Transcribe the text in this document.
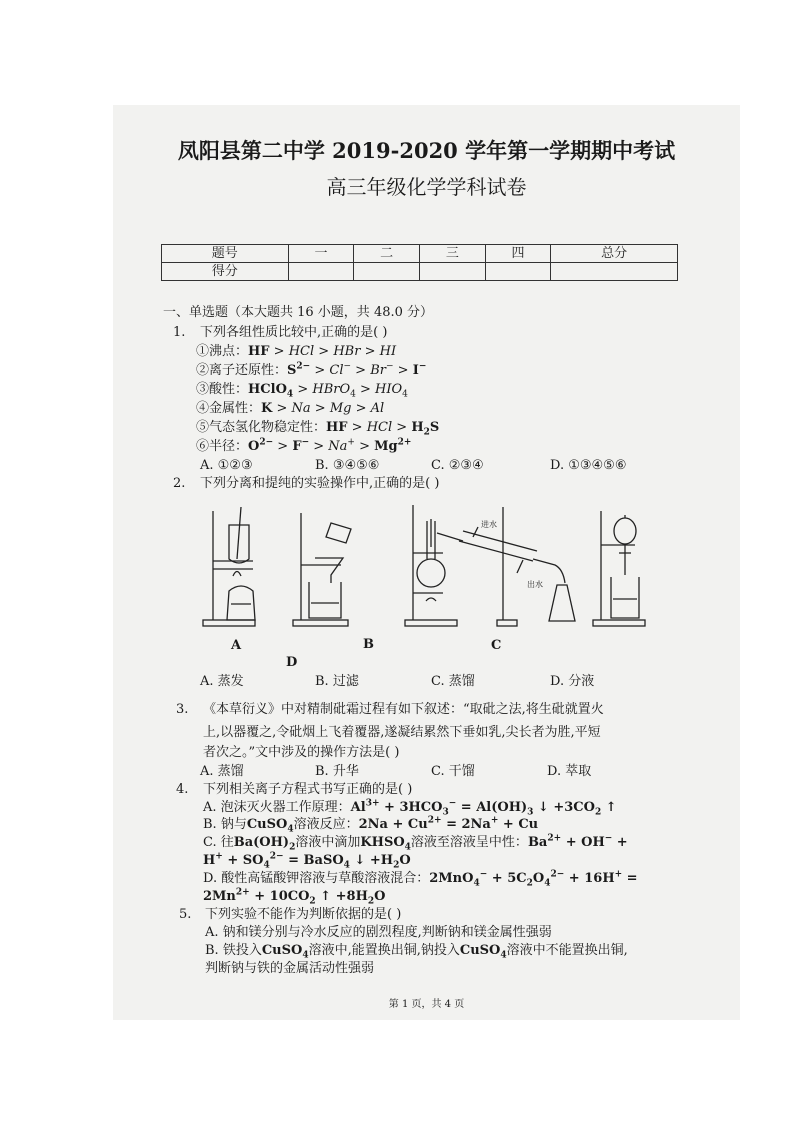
凤阳县第二中学 2019-2020 学年第一学期期中考试
高三年级化学学科试卷
题号	一	二	三	四	总分
得分					
一、单选题（本大题共 16 小题，共 48.0 分）
1. 下列各组性质比较中,正确的是( )
①沸点：HF > HCl > HBr > HI
②离子还原性：$S^{2-} > Cl^- > Br^- > I^-$
③酸性：HClO$_4$ > HBrO$_4$ > $HIO_4$
④金属性：K > Na > Mg > Al
⑤气态氢化物稳定性：HF > HCl > $H_2S$
⑥半径：$O^{2-} > F^- > Na^+ > Mg^{2+}$
A. ①②③	B. ③④⑤⑥	C. ②③④	D. ①③④⑤⑥
2. 下列分离和提纯的实验操作中,正确的是( )
进水
出水
A	B	C
D
A. 蒸发	B. 过滤	C. 蒸馏	D. 分液
3. 《本草衍义》中对精制砒霜过程有如下叙述：“取砒之法,将生砒就置火
上,以器覆之,令砒烟上飞着覆器,遂凝结累然下垂如乳,尖长者为胜,平短
者次之。”文中涉及的操作方法是( )
A. 蒸馏	B. 升华	C. 干馏	D. 萃取
4. 下列相关离子方程式书写正确的是( )
A. 泡沫灭火器工作原理：$Al^{3+} + 3HCO_3^- = Al(OH)_3$ ↓ $+3CO_2$ ↑
B. 钠与CuSO$_4$溶液反应：$2Na + Cu^{2+} = 2Na^+ + Cu$
C. 往$Ba(OH)_2$溶液中滴加$KHSO_4$溶液至溶液呈中性：$Ba^{2+} + OH^-$ +
$H^+ + SO_4^{2-}$ = BaSO$_4$ ↓ $+H_2O$
D. 酸性高锰酸钾溶液与草酸溶液混合：$2MnO_4^- + 5C_2O_4^{2-} + 16H^+$ =
$2Mn^{2+} + 10CO_2$ ↑ $+8H_2O$
5. 下列实验不能作为判断依据的是( )
A. 钠和镁分别与冷水反应的剧烈程度,判断钠和镁金属性强弱
B. 铁投入CuSO$_4$溶液中,能置换出铜,钠投入CuSO$_4$溶液中不能置换出铜,
判断钠与铁的金属活动性强弱
第 1 页，共 4 页
